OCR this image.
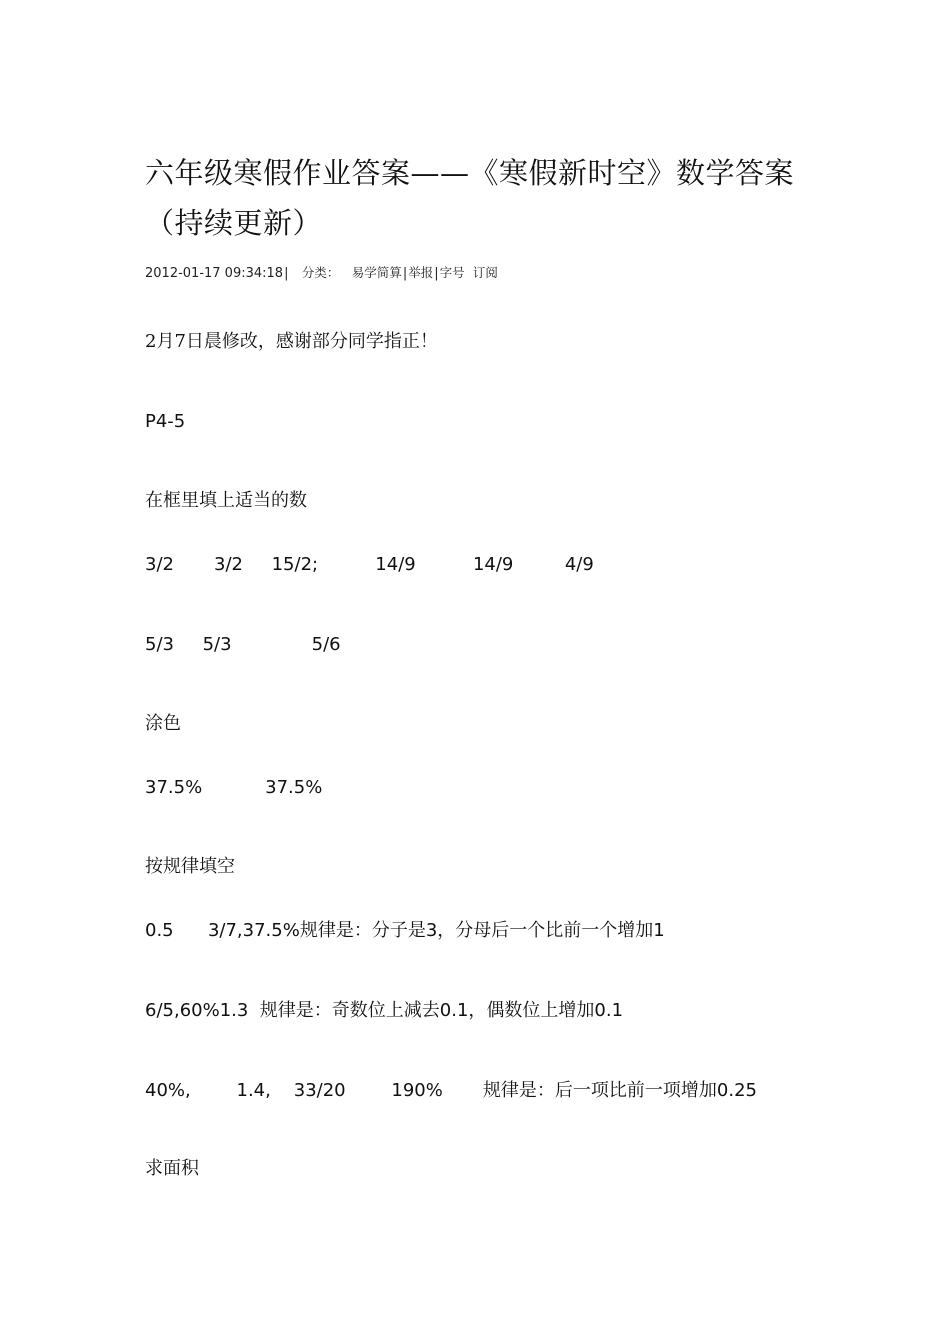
六年级寒假作业答案——《寒假新时空》数学答案（持续更新）
2012-01-17 09:34:18| 分类： 易学简算|举报|字号 订阅

2月7日晨修改，感谢部分同学指正！

P4-5

在框里填上适当的数

3/2       3/2     15/2;          14/9          14/9         4/9

5/3     5/3              5/6

涂色

37.5%           37.5%

按规律填空

0.5      3/7,37.5%规律是：分子是3，分母后一个比前一个增加1

6/5,60%1.3  规律是：奇数位上减去0.1，偶数位上增加0.1

40%,        1.4,    33/20        190%       规律是：后一项比前一项增加0.25

求面积
